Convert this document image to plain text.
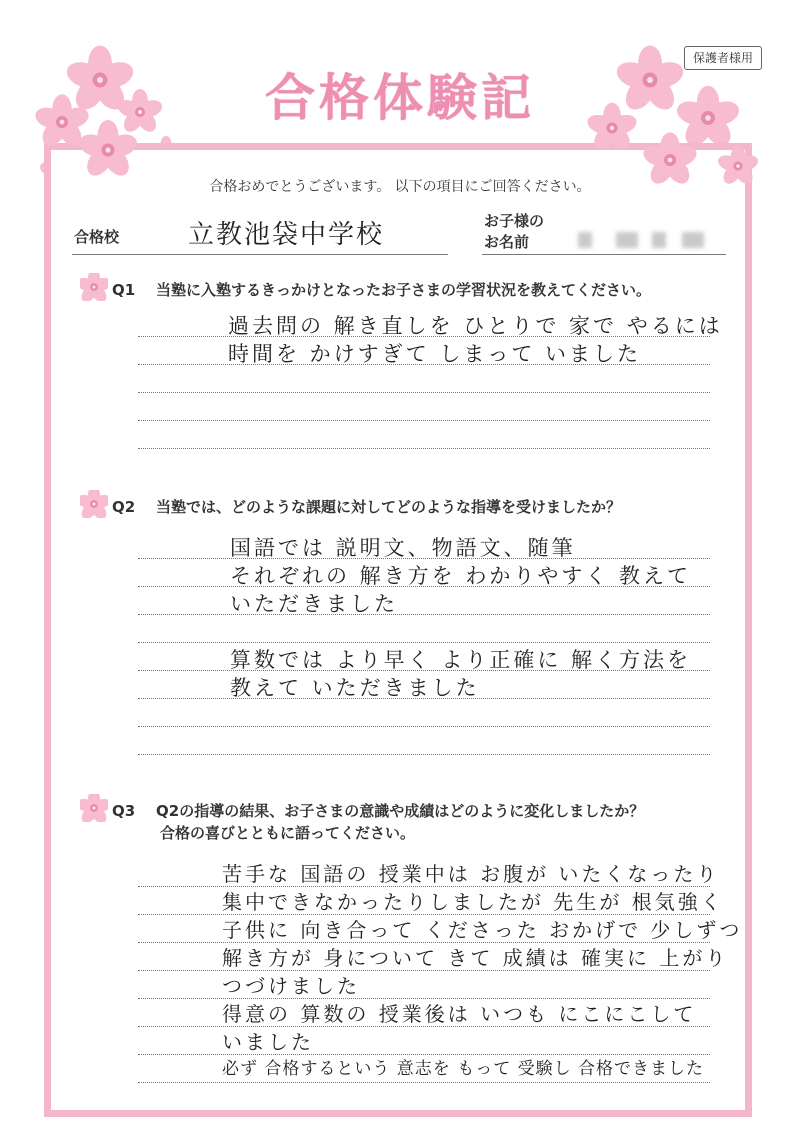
保護者様用
合格体験記
合格おめでとうございます。 以下の項目にご回答ください。
合格校	立教池袋中学校	お子様の
お名前
Q1 当塾に入塾するきっかけとなったお子さまの学習状況を教えてください。
過去問の 解き直しを ひとりで 家で やるには
時間を かけすぎて しまって いました
Q2 当塾では、どのような課題に対してどのような指導を受けましたか？
国語では 説明文、物語文、随筆
それぞれの 解き方を わかりやすく 教えて
いただきました
算数では より早く より正確に 解く方法を
教えて いただきました
Q3 Q2の指導の結果、お子さまの意識や成績はどのように変化しましたか？
合格の喜びとともに語ってください。
苦手な 国語の 授業中は お腹が いたくなったり
集中できなかったりしましたが 先生が 根気強く
子供に 向き合って くださった おかげで 少しずつ
解き方が 身について きて 成績は 確実に 上がり
つづけました
得意の 算数の 授業後は いつも にこにこして
いました
必ず 合格するという 意志を もって 受験し 合格できました
